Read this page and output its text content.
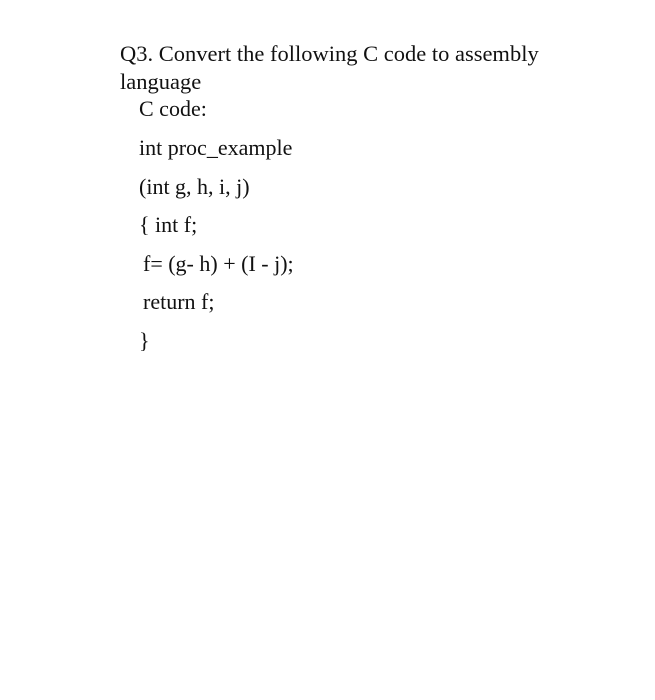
Q3. Convert the following C code to assembly
language
C code:
int proc_example
(int g, h, i, j)
{ int f;
f= (g- h) + (I - j);
return f;
}
